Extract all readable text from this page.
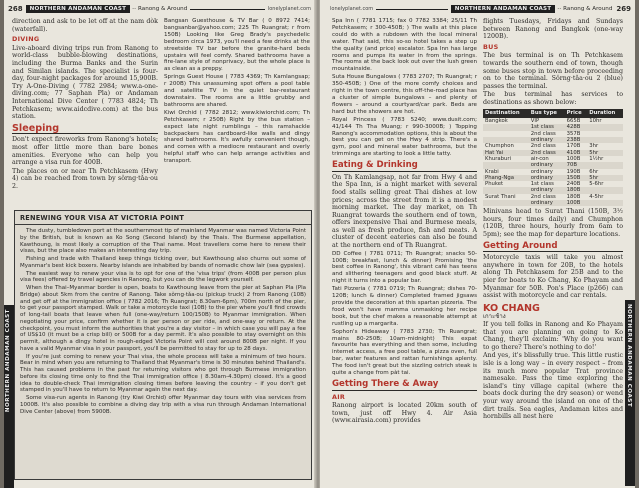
268	NORTHERN ANDAMAN COAST	·· Ranong & Around	lonelyplanet.com

direction and ask to be let off at the nam dòk (waterfall).

DIVING

Live-aboard diving trips run from Ranong to world-class bubble-blowing destinations, including the Burma Banks and the Surin and Similan islands. The specialist is four-day, four-night packages for around 15,900B. Try A-One-Diving ( 7782 2984; www.a-one-diving.com; 77 Saphan Pla) or Andaman International Dive Center ( 7783 4824; Th Petchkasem; www.aidcdive.com) at the bus station.

Sleeping

Don't expect fireworks from Ranong's hotels; most offer little more than bare bones amenities. Everyone who can help you arrange a visa run for 400B.

The places on or near Th Petchkasem (Hwy 4) can be reached from town by sǒrng·tǎa·ou 2.

Bangsan Guesthouse & TV Bar ( 0 8972 7414; bangsanbar@yahoo.com; 225 Th Ruangrat; r from 150B) Looking like Greg Brady's psychedelic bedroom circa 1973, you'll need a few drinks at the streetside TV bar before the granite-hard beds upstairs will feel comfy. Shared bathrooms have a fire-lane style of nonprivacy, but the whole place is as clean as a preppy.

Springs Guest House ( 7783 4369; Th Kamlangsap; r 200B) This unassuming spot offers a pool table and satellite TV in the quiet bar-restaurant downstairs. The rooms are a little grubby and bathrooms are shared.

Kiwi Orchid ( 7782 2812; www.kiwiorchid.com; Th Petchkasem; r 250B) Right by the bus station – expect late night rumblings – this ramshackle backpackers has cardboard-like walls and dingy shared bathrooms. It's awfully convenient though, and comes with a mediocre restaurant and overly helpful staff who can help arrange activities and transport.

RENEWING YOUR VISA AT VICTORIA POINT

The dusty, tumbledown port at the southernmost tip of mainland Myanmar was named Victoria Point by the British, but is known as Ko Song (Second Island) by the Thais. The Burmese appellation, Kawthoung, is most likely a corruption of the Thai name. Most travellers come here to renew their visas, but the place also makes an interesting day trip.

Fishing and trade with Thailand keep things ticking over, but Kawthoung also churns out some of Myanmar's best kick boxers. Nearby islands are inhabited by bands of nomadic chow lair (sea gypsies).

The easiest way to renew your visa is to opt for one of the 'visa trips' (from 400B per person plus visa fees) offered by travel agencies in Ranong, but you can do the legwork yourself.

When the Thai–Myanmar border is open, boats to Kawthoung leave from the pier at Saphan Pla (Pla Bridge) about 5km from the centre of Ranong. Take sǒrng·tǎa·ou (pickup truck) 2 from Ranong (10B) and get off at the immigration office ( 7782 2016; Th Ruangrat; 8.30am-6pm), 700m north of the pier, to get your passport stamped. Walk or take a motorcycle taxi (10B) to the pier where you'll find crowds of long-tail boats that leave when full (one-way/return 100/150B) to Myanmar immigration. When negotiating your price, confirm whether it is per person or per ride, and one-way or return. At the checkpoint, you must inform the authorities that you're a day visitor – in which case you will pay a fee of US$10 (it must be a crisp bill) or 500B for a day permit. It's also possible to stay overnight on this permit, although a dingy hotel in rough-edged Victoria Point will cost around 800B per night. If you have a valid Myanmar visa in your passport, you'll be permitted to stay for up to 28 days.

If you're just coming to renew your Thai visa, the whole process will take a minimum of two hours. Bear in mind when you are returning to Thailand that Myanmar's time is 30 minutes behind Thailand's. This has caused problems in the past for returning visitors who got through Burmese immigration before its closing time only to find the Thai immigration office ( 8.30am-4.30pm) closed. It's a good idea to double-check Thai immigration closing times before leaving the country – if you don't get stamped in you'll have to return to Myanmar again the next day.

Some visa-run agents in Ranong (try Kiwi Orchid) offer Myanmar day tours with visa services from 1000B. It's also possible to combine a diving day trip with a visa run through Andaman International Dive Center (above) from 5900B.

NORTHERN ANDAMAN COAST
lonelyplanet.com	NORTHERN ANDAMAN COAST	·· Ranong & Around 269

Spa Inn ( 7781 1715; fax 0 7782 3384; 25/11 Th Petchkasem; r 300-450B; ) The walls at this place could do with a rubdown with the local mineral water. That said, this so-so hotel takes a step up the quality (and price) escalator. Spa Inn has large rooms and pumps its water in from the springs. The rooms at the back look out over the lush green mountainside.

Suta House Bungalows ( 7783 2707; Th Ruangrat; r 350-450B; ) One of the more comfy choices and right in the town centre, this off-the-road place has a cluster of simple bungalows – and plenty of flowers – around a courtyard/car park. Beds are hard but the showers are hot.

Royal Princess ( 7783 5240; www.dusit.com; 41/144 Th Tha Muang; r 990-3000B; ) Topping Ranong's accommodation options, this is about the best you can get on the Hwy 4 strip. There's a gym, pool and mineral water bathrooms, but the trimmings are starting to look a little tatty.

Eating & Drinking

On Th Kamlangsap, not far from Hwy 4 and the Spa Inn, is a night market with several food stalls selling great Thai dishes at low prices; across the street from it is a modest morning market. The day market, on Th Ruangrat towards the southern end of town, offers inexpensive Thai and Burmese meals, as well as fresh produce, fish and meats. A cluster of decent eateries can also be found at the northern end of Th Ruangrat.

DD Coffee ( 7781 0711; Th Ruangrat; snacks 50-100B; breakfast, lunch & dinner) Promising 'the best coffee in Ranong', this vibrant café has teens and slithering teenagers and good black stuff. At night it turns into a popular bar.

Tati Pizzeria ( 7781 0719; Th Ruangrat; dishes 70-120B; lunch & dinner) Completed framed jigsaws provide the decoration at this spartan pizzeria. The food won't have mamma unmasking her recipe book, but the chef makes a reasonable attempt at rustling up a margarita.

Sophon's Hideaway ( 7783 2730; Th Ruangrat; mains 80-250B; 10am-midnight) This expat favourite has everything and then some, including internet access, a free pool table, a pizza oven, full bar, water features and rattan furnishings aplenty. The food isn't great but the sizzling ostrich steak is quite a change from pàt tai.

Getting There & Away
AIR

Ranong airport is located 20km south of town, just off Hwy 4. Air Asia (www.airasia.com) provides

flights Tuesdays, Fridays and Sundays between Ranong and Bangkok (one-way 1200B).

BUS

The bus terminal is on Th Petchkasem towards the southern end of town, though some buses stop in town before proceeding on to the terminal. Sǒrng·tǎa·ou 2 (blue) passes the terminal.

The bus terminal has services to destinations as shown below:

Destination	Bus type	Price	Duration
Bangkok	VIP	665B	10hr
	1st class	428B	
	2nd class	357B	
	ordinary	238B	
Chumphon	2nd class	170B	3hr
Hat Yai	2nd class	410B	5hr
Khuraburi	air-con	100B	1½hr
	ordinary	70B	
Krabi	ordinary	190B	6hr
Phang-Nga	ordinary	150B	5hr
Phuket	1st class	240B	5-6hr
	ordinary	180B	
Surat Thani	2nd class	180B	4-5hr
	ordinary	100B	

Minivans head to Surat Thani (150B, 3½ hours, four times daily) and Chumphon (120B, three hours, hourly from 6am to 5pm); see the map for departure locations.

Getting Around

Motorcycle taxis will take you almost anywhere in town for 20B, to the hotels along Th Petchkasem for 25B and to the pier for boats to Ko Chang, Ko Phayam and Myanmar for 50B. Pon's Place (p266) can assist with motorcycle and car rentals.

KO CHANG
เกาะช้าง

If you tell folks in Ranong and Ko Phayam that you are planning on going to Ko Chang, they'll exclaim: 'Why do you want to go there? There's nothing to do!'

And yes, it's blissfully true. This little rustic isle is a long way – in every respect – from its much more popular Trat province namesake. Pass the time exploring the island's tiny village capital (where the boats dock during the dry season) or wend your way around the island on one of the dirt trails. Sea eagles, Andaman kites and hornbills all nest here

NORTHERN ANDAMAN COAST
